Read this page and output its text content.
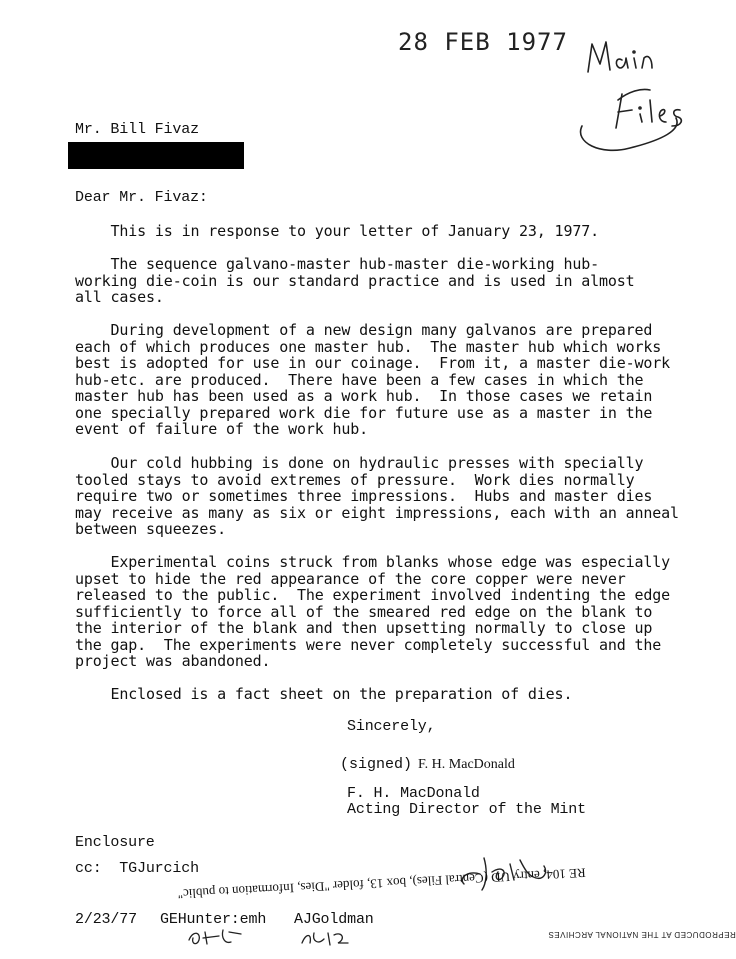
28 FEB 1977
Mr. Bill Fivaz
Dear Mr. Fivaz:
This is in response to your letter of January 23, 1977.
The sequence galvano-master hub-master die-working hub-
working die-coin is our standard practice and is used in almost
all cases.
During development of a new design many galvanos are prepared
each of which produces one master hub.  The master hub which works
best is adopted for use in our coinage.  From it, a master die-work
hub-etc. are produced.  There have been a few cases in which the
master hub has been used as a work hub.  In those cases we retain
one specially prepared work die for future use as a master in the
event of failure of the work hub.
Our cold hubbing is done on hydraulic presses with specially
tooled stays to avoid extremes of pressure.  Work dies normally
require two or sometimes three impressions.  Hubs and master dies
may receive as many as six or eight impressions, each with an anneal
between squeezes.
Experimental coins struck from blanks whose edge was especially
upset to hide the red appearance of the core copper were never
released to the public.  The experiment involved indenting the edge
sufficiently to force all of the smeared red edge on the blank to
the interior of the blank and then upsetting normally to close up
the gap.  The experiments were never completely successful and the
project was abandoned.
Enclosed is a fact sheet on the preparation of dies.
Sincerely,
(signed) F. H. MacDonald
F. H. MacDonald
Acting Director of the Mint
Enclosure
cc: TGJurcich
RE 104, entry UD (Central Files), box 13, folder "Dies, Information to public"
2/23/77 GEHunter:emh AJGoldman
REPRODUCED AT THE NATIONAL ARCHIVES
